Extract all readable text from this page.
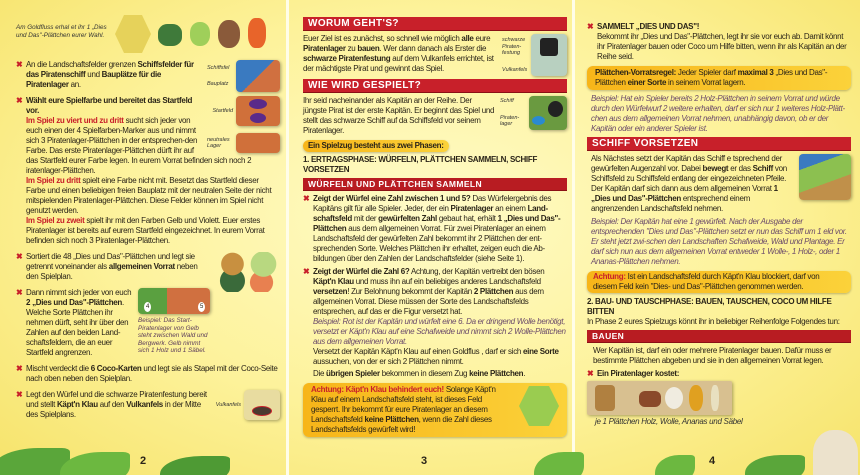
Am Goldfluss erhal et ihr 1 „Dies und Das"-Plättchen eurer Wahl.
✖	Schiffsfel
Bauplatz
An die Landschaftsfelder grenzen Schiffsfelder für das Piratenschiff und Bauplätze für die Piratenlager an.
✖
Startfeld
neutrales Lager
Wählt eure Spielfarbe und bereitet das Startfeld vor.
Im Spiel zu viert und zu dritt sucht sich jeder von euch einen der 4 Spielfarben-Marker aus und nimmt sich 3 Piratenlager-Plättchen in der entsprechen-den Farbe. Das erste Piratenlager-Plättchen dürft ihr auf das Startfeld eurer Farbe legen. In eurem Vorrat befinden sich noch 2 iratenlager-Plättchen.
Im Spiel zu dritt spielt eine Farbe nicht mit. Besetzt das Startfeld dieser Farbe und einen beliebigen freien Bauplatz mit der neutralen Seite der nicht mitspielenden Piratenlager-Plättchen. Diese Felder können im Spiel nicht genutzt werden.
Im Spiel zu zweit spielt ihr mit den Farben Gelb und Violett. Euer erstes Piratenlager ist bereits auf eurem Startfeld eingezeichnet. In eurem Vorrat befinden sich noch 3 Piratenlager-Plättchen.
✖ Sortiert die 48 „Dies und Das"-Plättchen und legt sie getrennt voneinander als allgemeinen Vorrat neben den Spielplan.
✖
4	5
Beispiel: Das Start-Piratenlager von Gelb steht zwischen Wald und Bergwerk. Gelb nimmt sich 1 Holz und 1 Säbel.
Dann nimmt sich jeder von euch 2 „Dies und Das"-Plättchen. Welche Sorte Plättchen ihr nehmen dürft, seht ihr über den Zahlen auf den beiden Land-schaftsfeldern, die an euer Startfeld angrenzen.
✖ Mischt verdeckt die 6 Coco-Karten und legt sie als Stapel mit der Coco-Seite nach oben neben den Spielplan.
✖
Vulkanfels
Legt den Würfel und die schwarze Piratenfestung bereit und stellt Käpt'n Klau auf den Vulkanfels in der Mitte des Spielplans.
2
WORUM GEHT'S?
schwarze Piraten-festung
Vulkanfels

Euer Ziel ist es zunächst, so schnell wie möglich alle eure Piratenlager zu bauen. Wer dann danach als Erster die schwarze Piratenfestung auf dem Vulkanfels errichtet, ist der mächtigste Pirat und gewinnt das Spiel.

WIE WIRD GESPIELT?
Schiff
Piraten-lager

Ihr seid nacheinander als Kapitän an der Reihe. Der jüngste Pirat ist der erste Kapitän. Er beginnt das Spiel und stellt das schwarze Schiff auf da Schiffsfeld vor seinem Piratenlager.

Ein Spielzug besteht aus zwei Phasen:
1. ERTRAGSPHASE: WÜRFELN, PLÄTTCHEN SAMMELN, SCHIFF VORSETZEN
WÜRFELN UND PLÄTTCHEN SAMMELN
✖ Zeigt der Würfel eine Zahl zwischen 1 und 5? Das Würfelergebnis des Kapitäns gilt für alle Spieler. Jeder, der ein Piratenlager an einem Land-schaftsfeld mit der gewürfelten Zahl gebaut hat, erhält 1 „Dies und Das"-Plättchen aus dem allgemeinen Vorrat. Für zwei Piratenlager an einem Landschaftsfeld der gewürfelten Zahl bekommt ihr 2 Plättchen der ent-sprechenden Sorte. Welches Plättchen ihr erhaltet, zeigen euch die Ab-bildungen über den Zahlen der Landschaftsfelder (siehe Seite 1).
✖ Zeigt der Würfel die Zahl 6? Achtung, der Kapitän vertreibt den bösen Käpt'n Klau und muss ihn auf ein beliebiges anderes Landschaftsfeld versetzen! Zur Belohnung bekommt der Kapitän 2 Plättchen aus dem allgemeinen Vorrat. Diese müssen der Sorte des Landschaftsfelds entsprechen, auf das er die Figur versetzt hat.
Beispiel: Rot ist der Kapitän und würfelt eine 6. Da er dringend Wolle benötigt, versetzt er Käpt'n Klau auf eine Schafweide und nimmt sich 2 Wolle-Plättchen aus dem allgemeinen Vorrat.
Versetzt der Kapitän Käpt'n Klau auf einen Goldflus , darf er sich eine Sorte aussuchen, von der er sich 2 Plättchen nimmt.
Die übrigen Spieler bekommen in diesem Zug keine Plättchen.
Achtung: Käpt'n Klau behindert euch! Solange Käpt'n Klau auf einem Landschaftsfeld steht, ist dieses Feld gesperrt. Ihr bekommt für eure Piratenlager an diesem Landschaftsfeld keine Plättchen, wenn die Zahl dieses Landschaftsfelds gewürfelt wird!
3
✖ SAMMELT „DIES UND DAS"!
Bekommt ihr „Dies und Das"-Plättchen, legt ihr sie vor euch ab. Damit könnt ihr Piratenlager bauen oder Coco um Hilfe bitten, wenn ihr als Kapitän an der Reihe seid.
Plättchen-Vorratsregel: Jeder Spieler darf maximal 3 „Dies und Das"-Plättchen einer Sorte in seinem Vorrat lagern.

Beispiel: Hat ein Spieler bereits 2 Holz-Plättchen in seinem Vorrat und würde durch den Würfelwurf 2 weitere erhalten, darf er sich nur 1 weiteres Holz-Plätt-chen aus dem allgemeinen Vorrat nehmen, unabhängig davon, ob er der Kapitän oder ein anderer Spieler ist.

SCHIFF VORSETZEN

Als Nächstes setzt der Kapitän das Schiff e tsprechend der gewürfelten Augenzahl vor. Dabei bewegt er das Schiff von Schiffsfeld zu Schiffsfeld entlang der eingezeichneten Pfeile. Der Kapitän darf sich dann aus dem allgemeinen Vorrat 1 „Dies und Das"-Plättchen entsprechend einem angrenzenden Landschaftsfeld nehmen.

Beispiel: Der Kapitän hat eine 1 gewürfelt. Nach der Ausgabe der entsprechenden "Dies und Das"-Plättchen setzt er nun das Schiff um 1 eld vor. Er steht jetzt zwi-schen den Landschaften Schafweide, Wald und Plantage. Er darf sich nun aus dem allgemeinen Vorrat entweder 1 Wolle-, 1 Holz-, oder 1 Ananas-Plättchen nehmen.

Achtung: Ist ein Landschaftsfeld durch Käpt'n Klau blockiert, darf von diesem Feld kein "Dies- und Das"-Plättchen genommen werden.
2. BAU- UND TAUSCHPHASE: BAUEN, TAUSCHEN, COCO UM HILFE BITTEN
In Phase 2 eures Spielzugs könnt ihr in beliebiger Reihenfolge Folgendes tun:
BAUEN

Wer Kapitän ist, darf ein oder mehrere Piratenlager bauen. Dafür muss er bestimmte Plättchen abgeben und sie in den allgemeinen Vorrat legen.

✖ Ein Piratenlager kostet:
je 1 Plättchen Holz, Wolle, Ananas und Säbel
4
